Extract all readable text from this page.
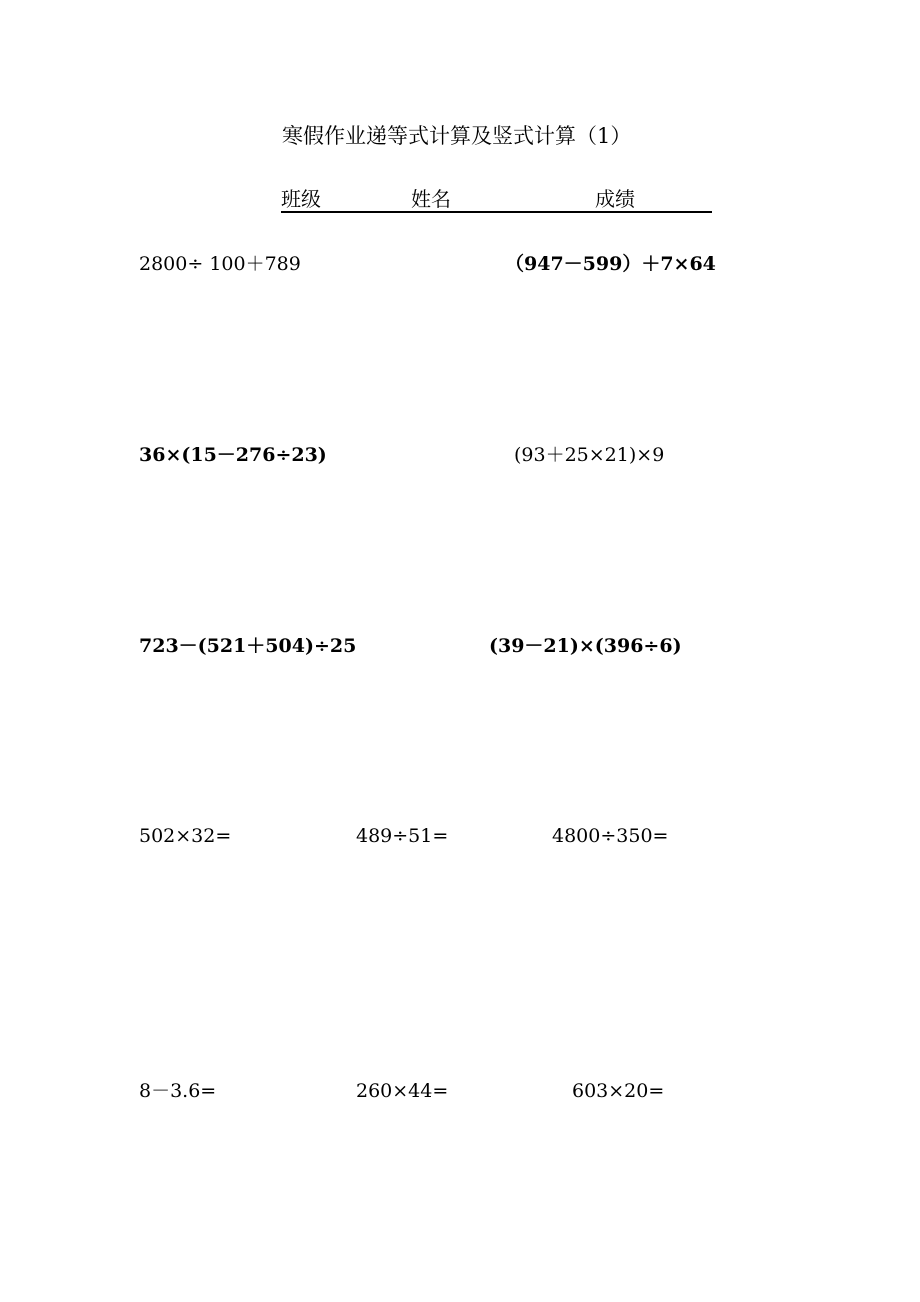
寒假作业递等式计算及竖式计算（1）
班级	姓名	成绩
2800÷ 100＋789	（947－599）＋7×64
36×(15－276÷23)	(93＋25×21)×9
723－(521＋504)÷25	(39－21)×(396÷6)
502×32=	489÷51=	4800÷350=
8－3.6=	260×44=	603×20=
